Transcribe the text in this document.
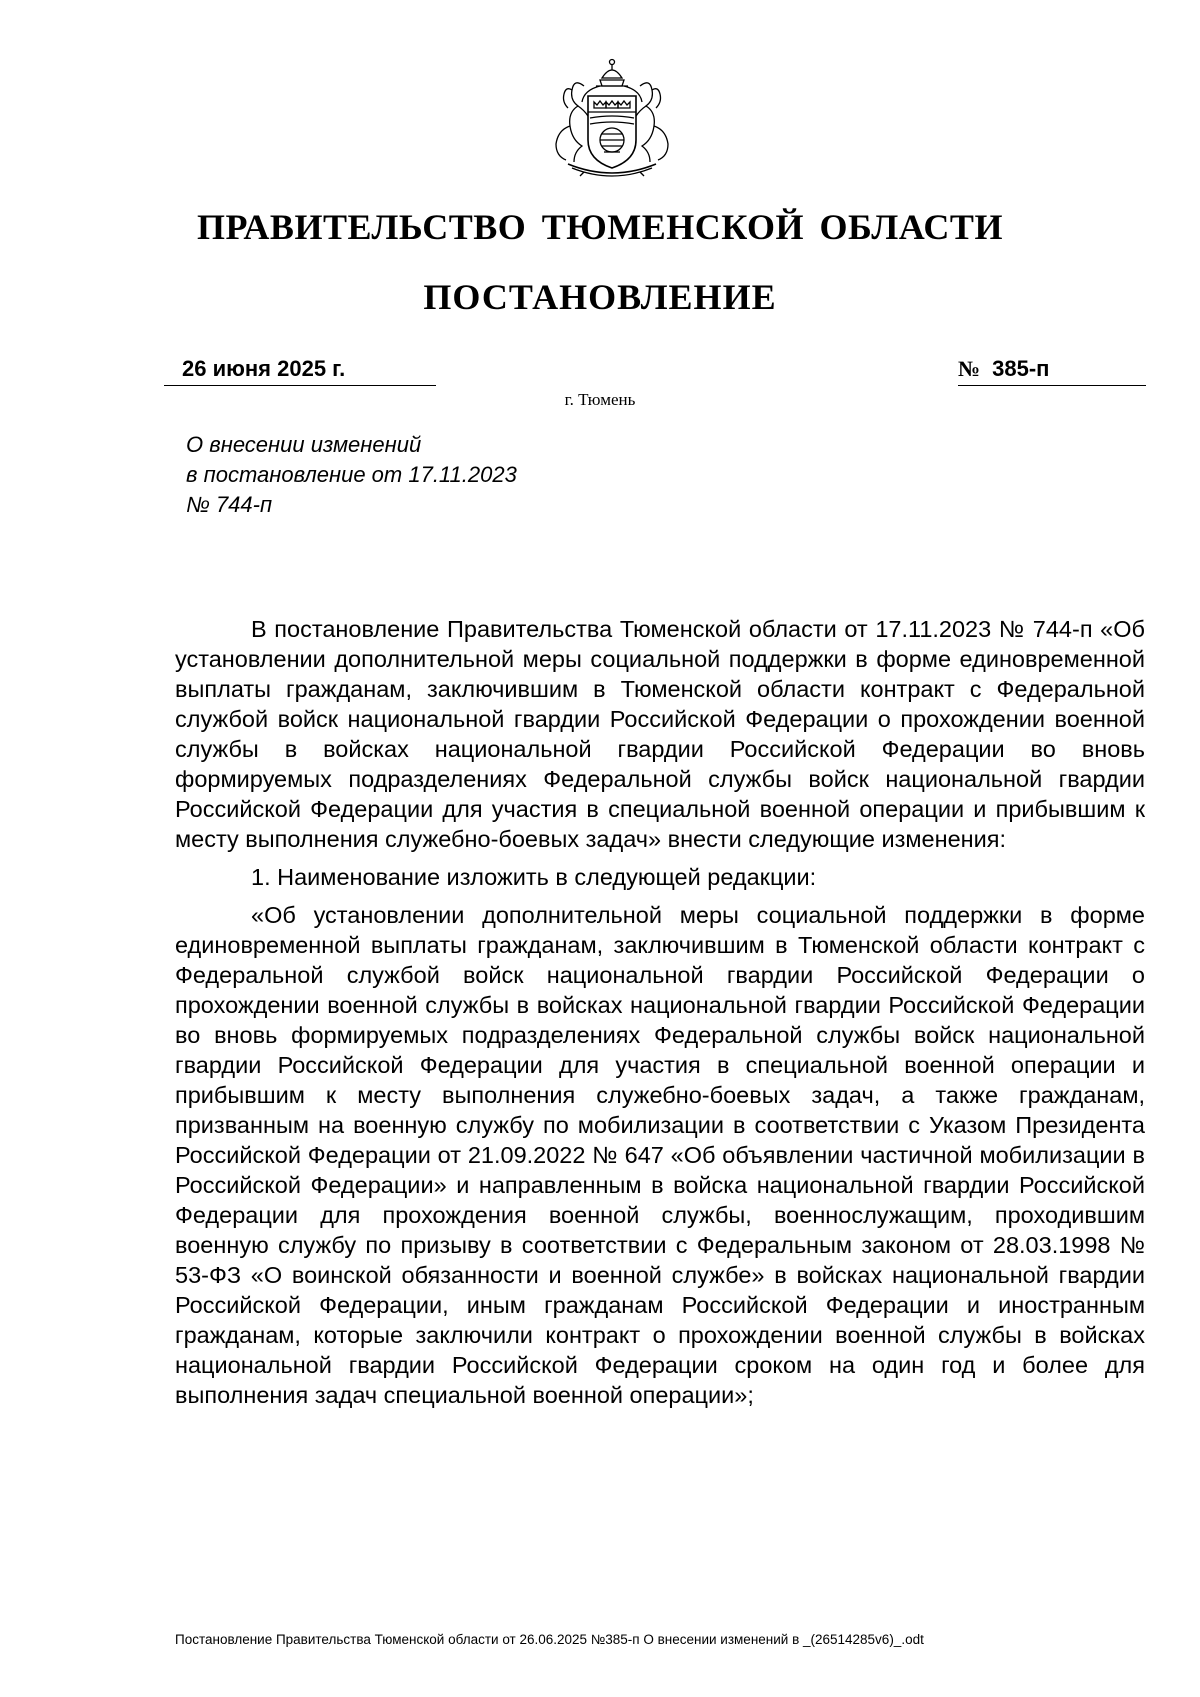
ПРАВИТЕЛЬСТВО ТЮМЕНСКОЙ ОБЛАСТИ
ПОСТАНОВЛЕНИЕ
26 июня 2025 г.	№ 385-п
г. Тюмень
О внесении изменений
в постановление от 17.11.2023
№ 744-п

В постановление Правительства Тюменской области от 17.11.2023 № 744-п «Об установлении дополнительной меры социальной поддержки в форме единовременной выплаты гражданам, заключившим в Тюменской области контракт с Федеральной службой войск национальной гвардии Российской Федерации о прохождении военной службы в войсках национальной гвардии Российской Федерации во вновь формируемых подразделениях Федеральной службы войск национальной гвардии Российской Федерации для участия в специальной военной операции и прибывшим к месту выполнения служебно-боевых задач» внести следующие изменения:

1. Наименование изложить в следующей редакции:

«Об установлении дополнительной меры социальной поддержки в форме единовременной выплаты гражданам, заключившим в Тюменской области контракт с Федеральной службой войск национальной гвардии Российской Федерации о прохождении военной службы в войсках национальной гвардии Российской Федерации во вновь формируемых подразделениях Федеральной службы войск национальной гвардии Российской Федерации для участия в специальной военной операции и прибывшим к месту выполнения служебно-боевых задач, а также гражданам, призванным на военную службу по мобилизации в соответствии с Указом Президента Российской Федерации от 21.09.2022 № 647 «Об объявлении частичной мобилизации в Российской Федерации» и направленным в войска национальной гвардии Российской Федерации для прохождения военной службы, военнослужащим, проходившим военную службу по призыву в соответствии с Федеральным законом от 28.03.1998 № 53-ФЗ «О воинской обязанности и военной службе» в войсках национальной гвардии Российской Федерации, иным гражданам Российской Федерации и иностранным гражданам, которые заключили контракт о прохождении военной службы в войсках национальной гвардии Российской Федерации сроком на один год и более для выполнения задач специальной военной операции»;

Постановление Правительства Тюменской области от 26.06.2025 №385-п О внесении изменений в _(26514285v6)_.odt
